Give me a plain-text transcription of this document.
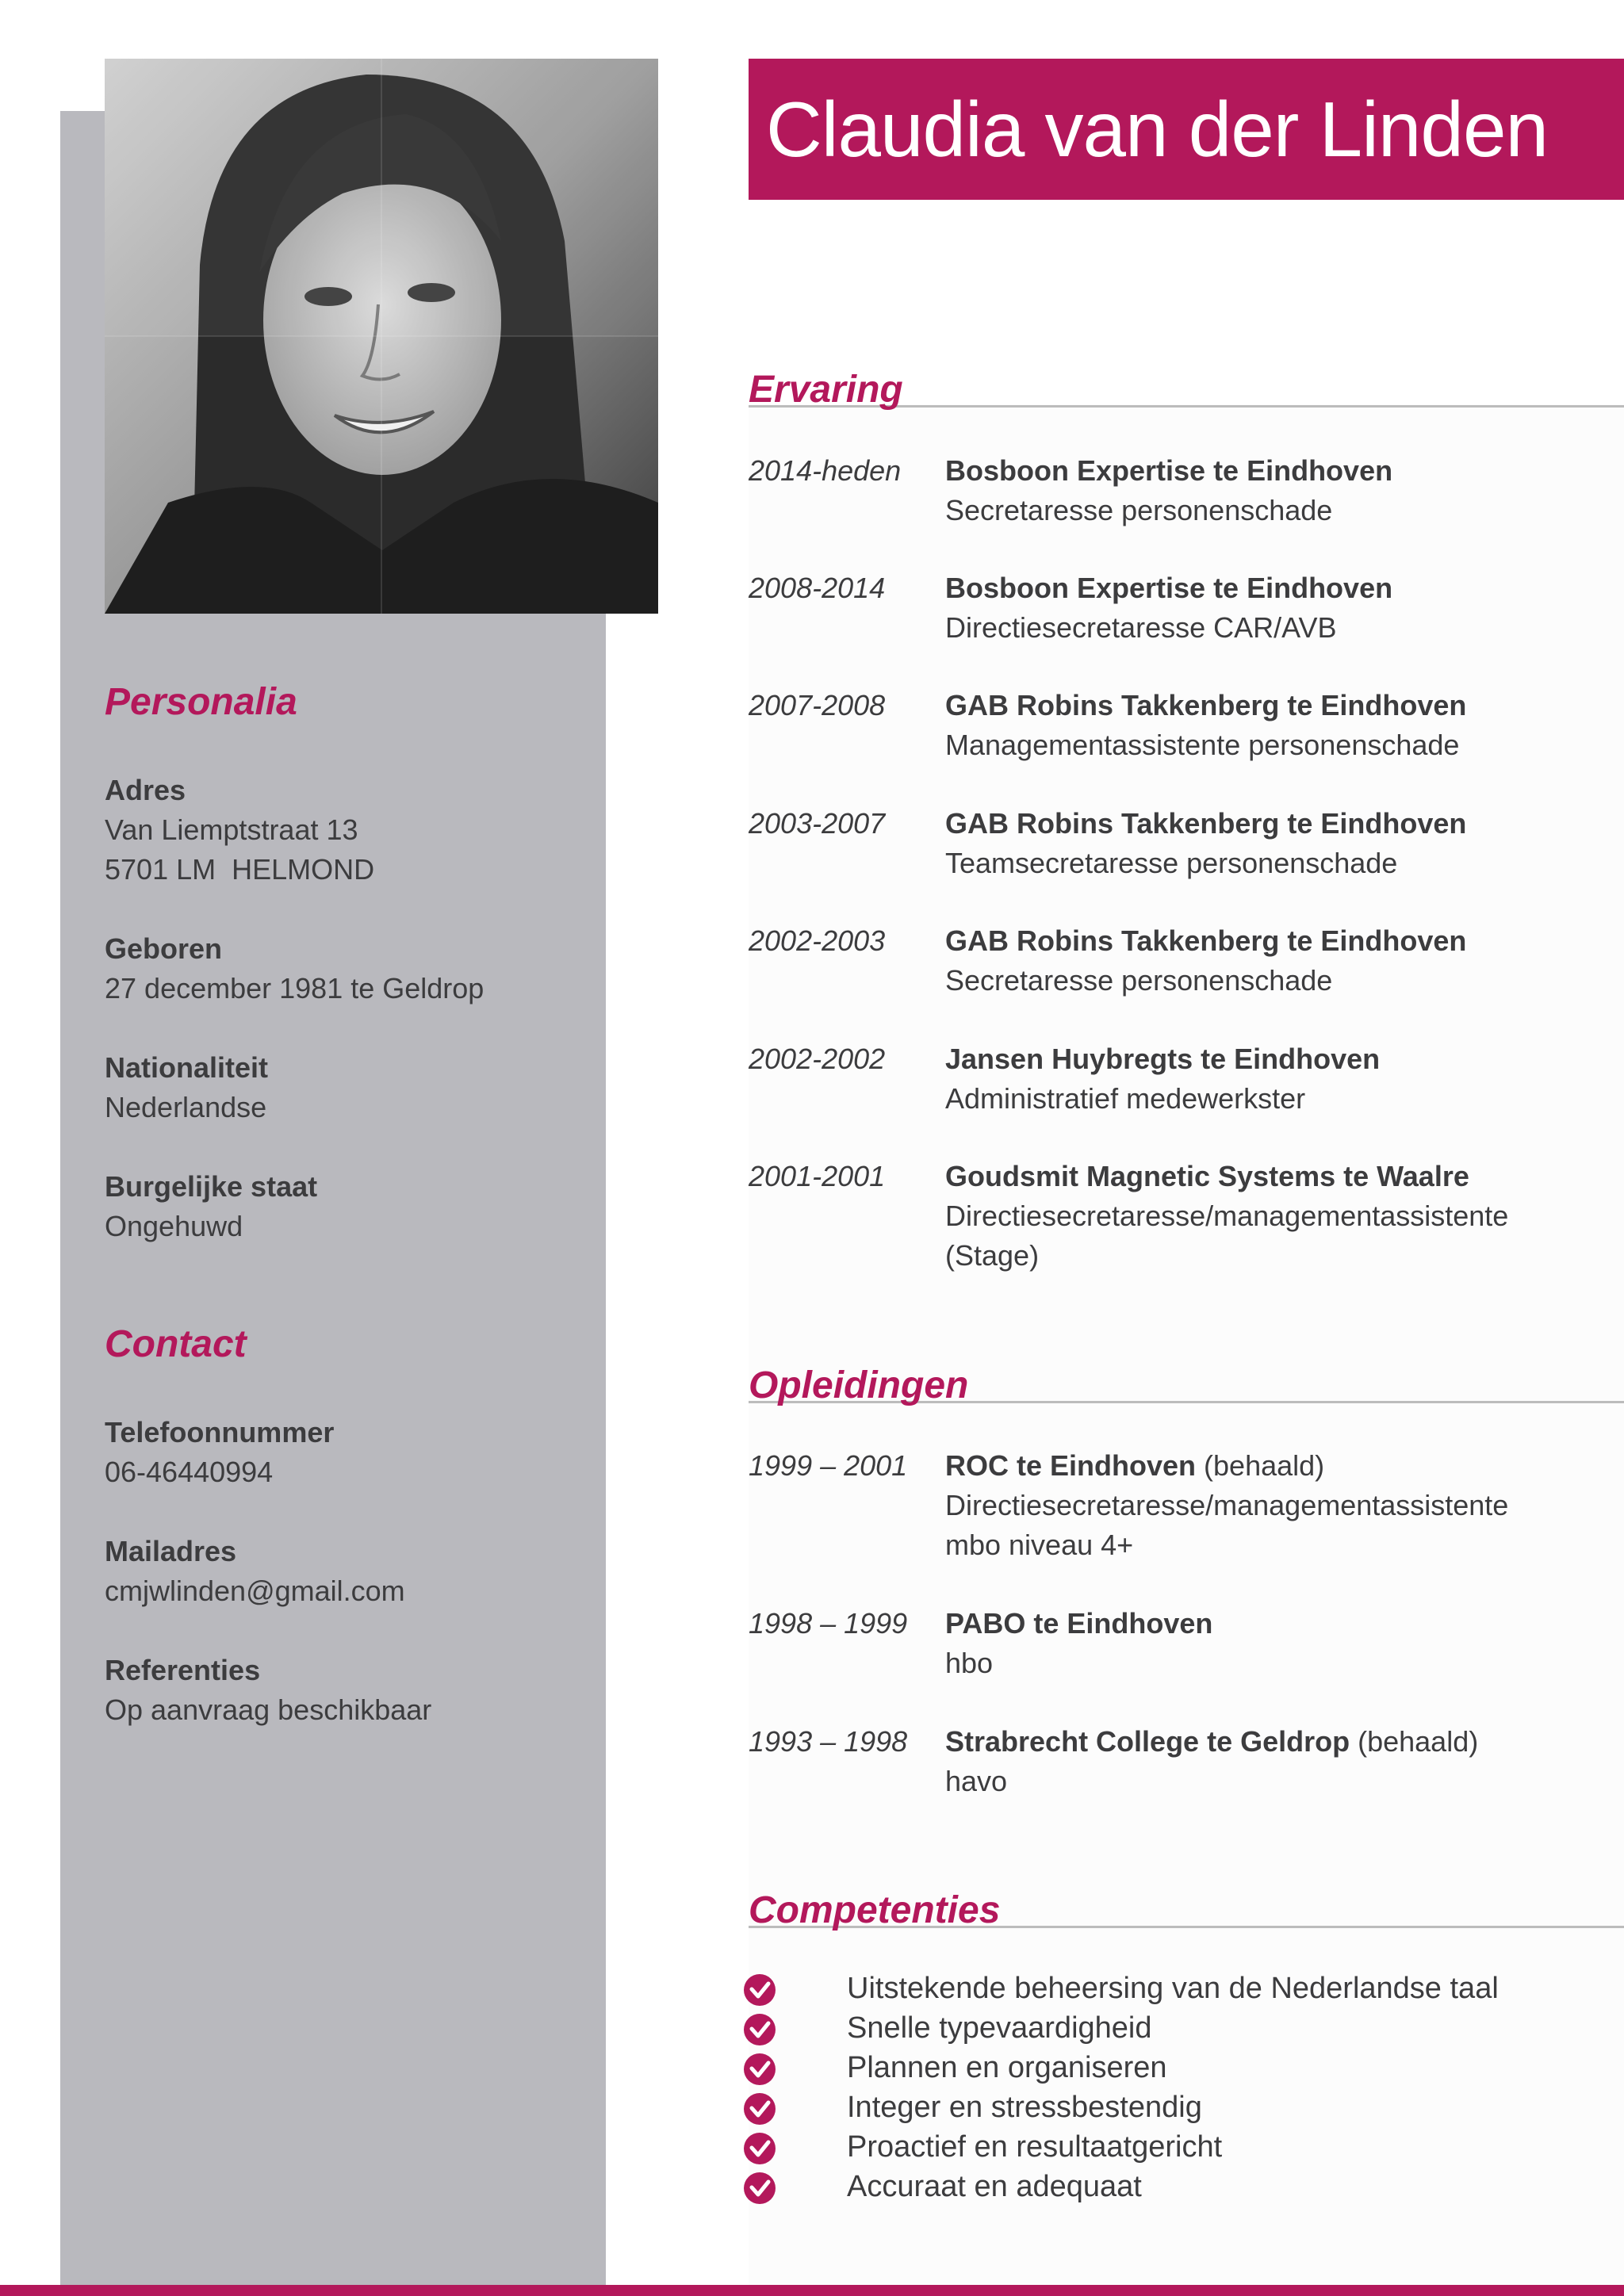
Claudia van der Linden
Personalia
Adres
Van Liemptstraat 13
5701 LM  HELMOND
Geboren
27 december 1981 te Geldrop
Nationaliteit
Nederlandse
Burgelijke staat
Ongehuwd
Contact
Telefoonnummer
06-46440994
Mailadres
cmjwlinden@gmail.com
Referenties
Op aanvraag beschikbaar
Ervaring
2014-heden Bosboon Expertise te Eindhoven
Secretaresse personenschade
2008-2014 Bosboon Expertise te Eindhoven
Directiesecretaresse CAR/AVB
2007-2008 GAB Robins Takkenberg te Eindhoven
Managementassistente personenschade
2003-2007 GAB Robins Takkenberg te Eindhoven
Teamsecretaresse personenschade
2002-2003 GAB Robins Takkenberg te Eindhoven
Secretaresse personenschade
2002-2002 Jansen Huybregts te Eindhoven
Administratief medewerkster
2001-2001 Goudsmit Magnetic Systems te Waalre
Directiesecretaresse/managementassistente
(Stage)
Opleidingen
1999 – 2001 ROC te Eindhoven (behaald)
Directiesecretaresse/managementassistente
mbo niveau 4+
1998 – 1999 PABO te Eindhoven
hbo
1993 – 1998 Strabrecht College te Geldrop (behaald)
havo
Competenties
Uitstekende beheersing van de Nederlandse taal
Snelle typevaardigheid
Plannen en organiseren
Integer en stressbestendig
Proactief en resultaatgericht
Accuraat en adequaat
